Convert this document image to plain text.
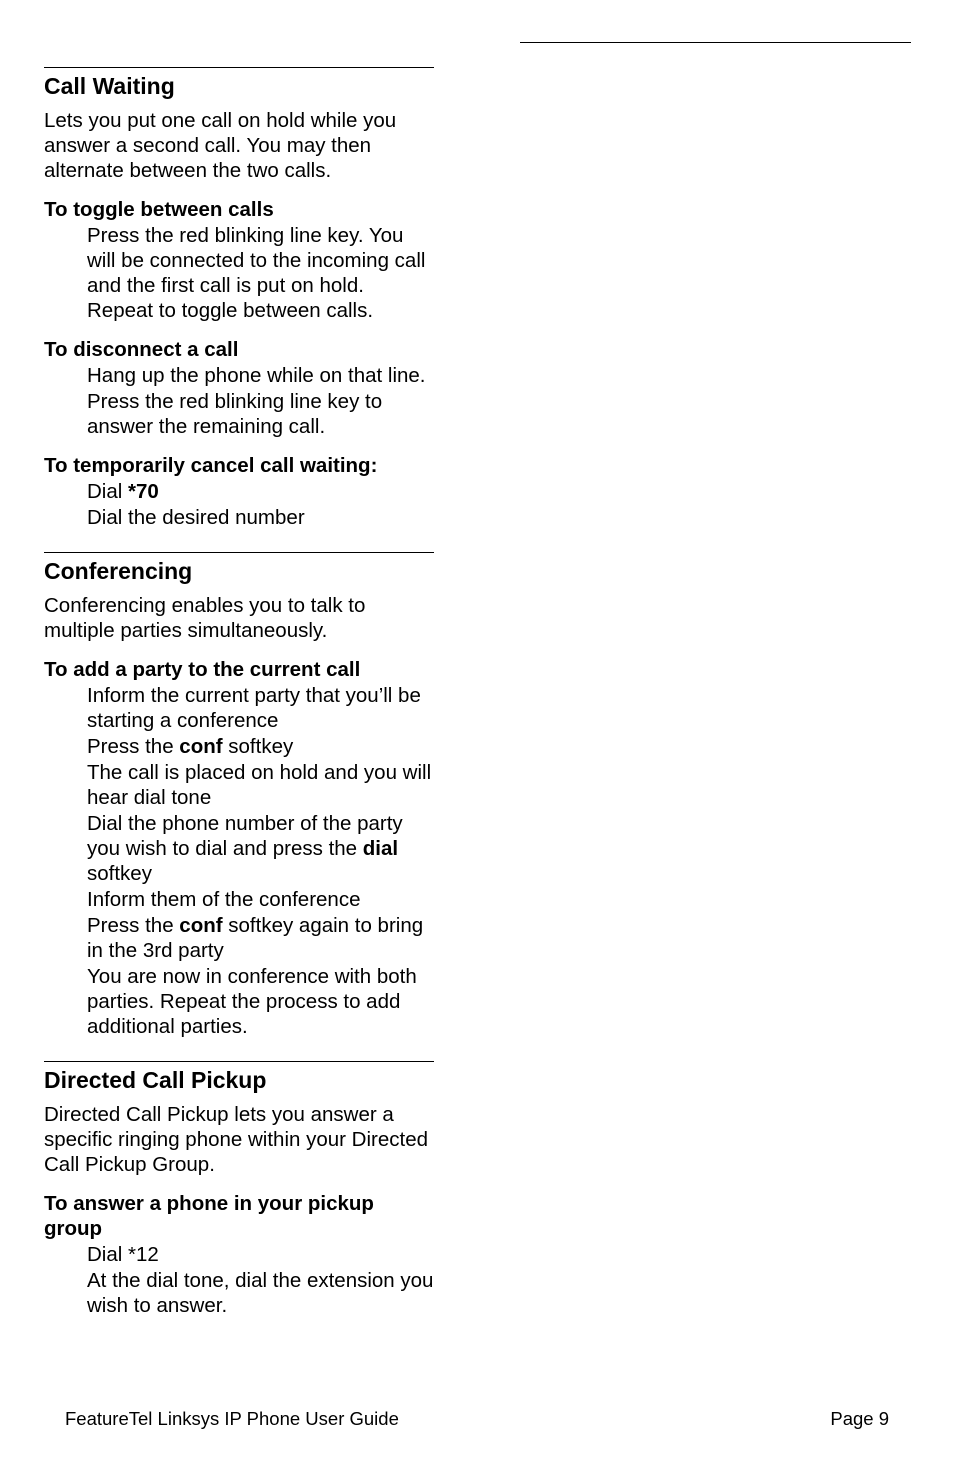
Call Waiting
Lets you put one call on hold while you answer a second call. You may then alternate between the two calls.
To toggle between calls
Press the red blinking line key. You will be connected to the incoming call and the first call is put on hold. Repeat to toggle between calls.
To disconnect a call
Hang up the phone while on that line.
Press the red blinking line key to answer the remaining call.
To temporarily cancel call waiting:
Dial *70
Dial the desired number
Conferencing
Conferencing enables you to talk to multiple parties simultaneously.
To add a party to the current call
Inform the current party that you’ll be starting a conference
Press the conf softkey
The call is placed on hold and you will hear dial tone
Dial the phone number of the party you wish to dial and press the dial softkey
Inform them of the conference
Press the conf softkey again to bring in the 3rd party
You are now in conference with both parties. Repeat the process to add additional parties.
Directed Call Pickup
Directed Call Pickup lets you answer a specific ringing phone within your Directed Call Pickup Group.
To answer a phone in your pickup group
Dial *12
At the dial tone, dial the extension you wish to answer.
FeatureTel Linksys IP Phone User Guide	Page 9
